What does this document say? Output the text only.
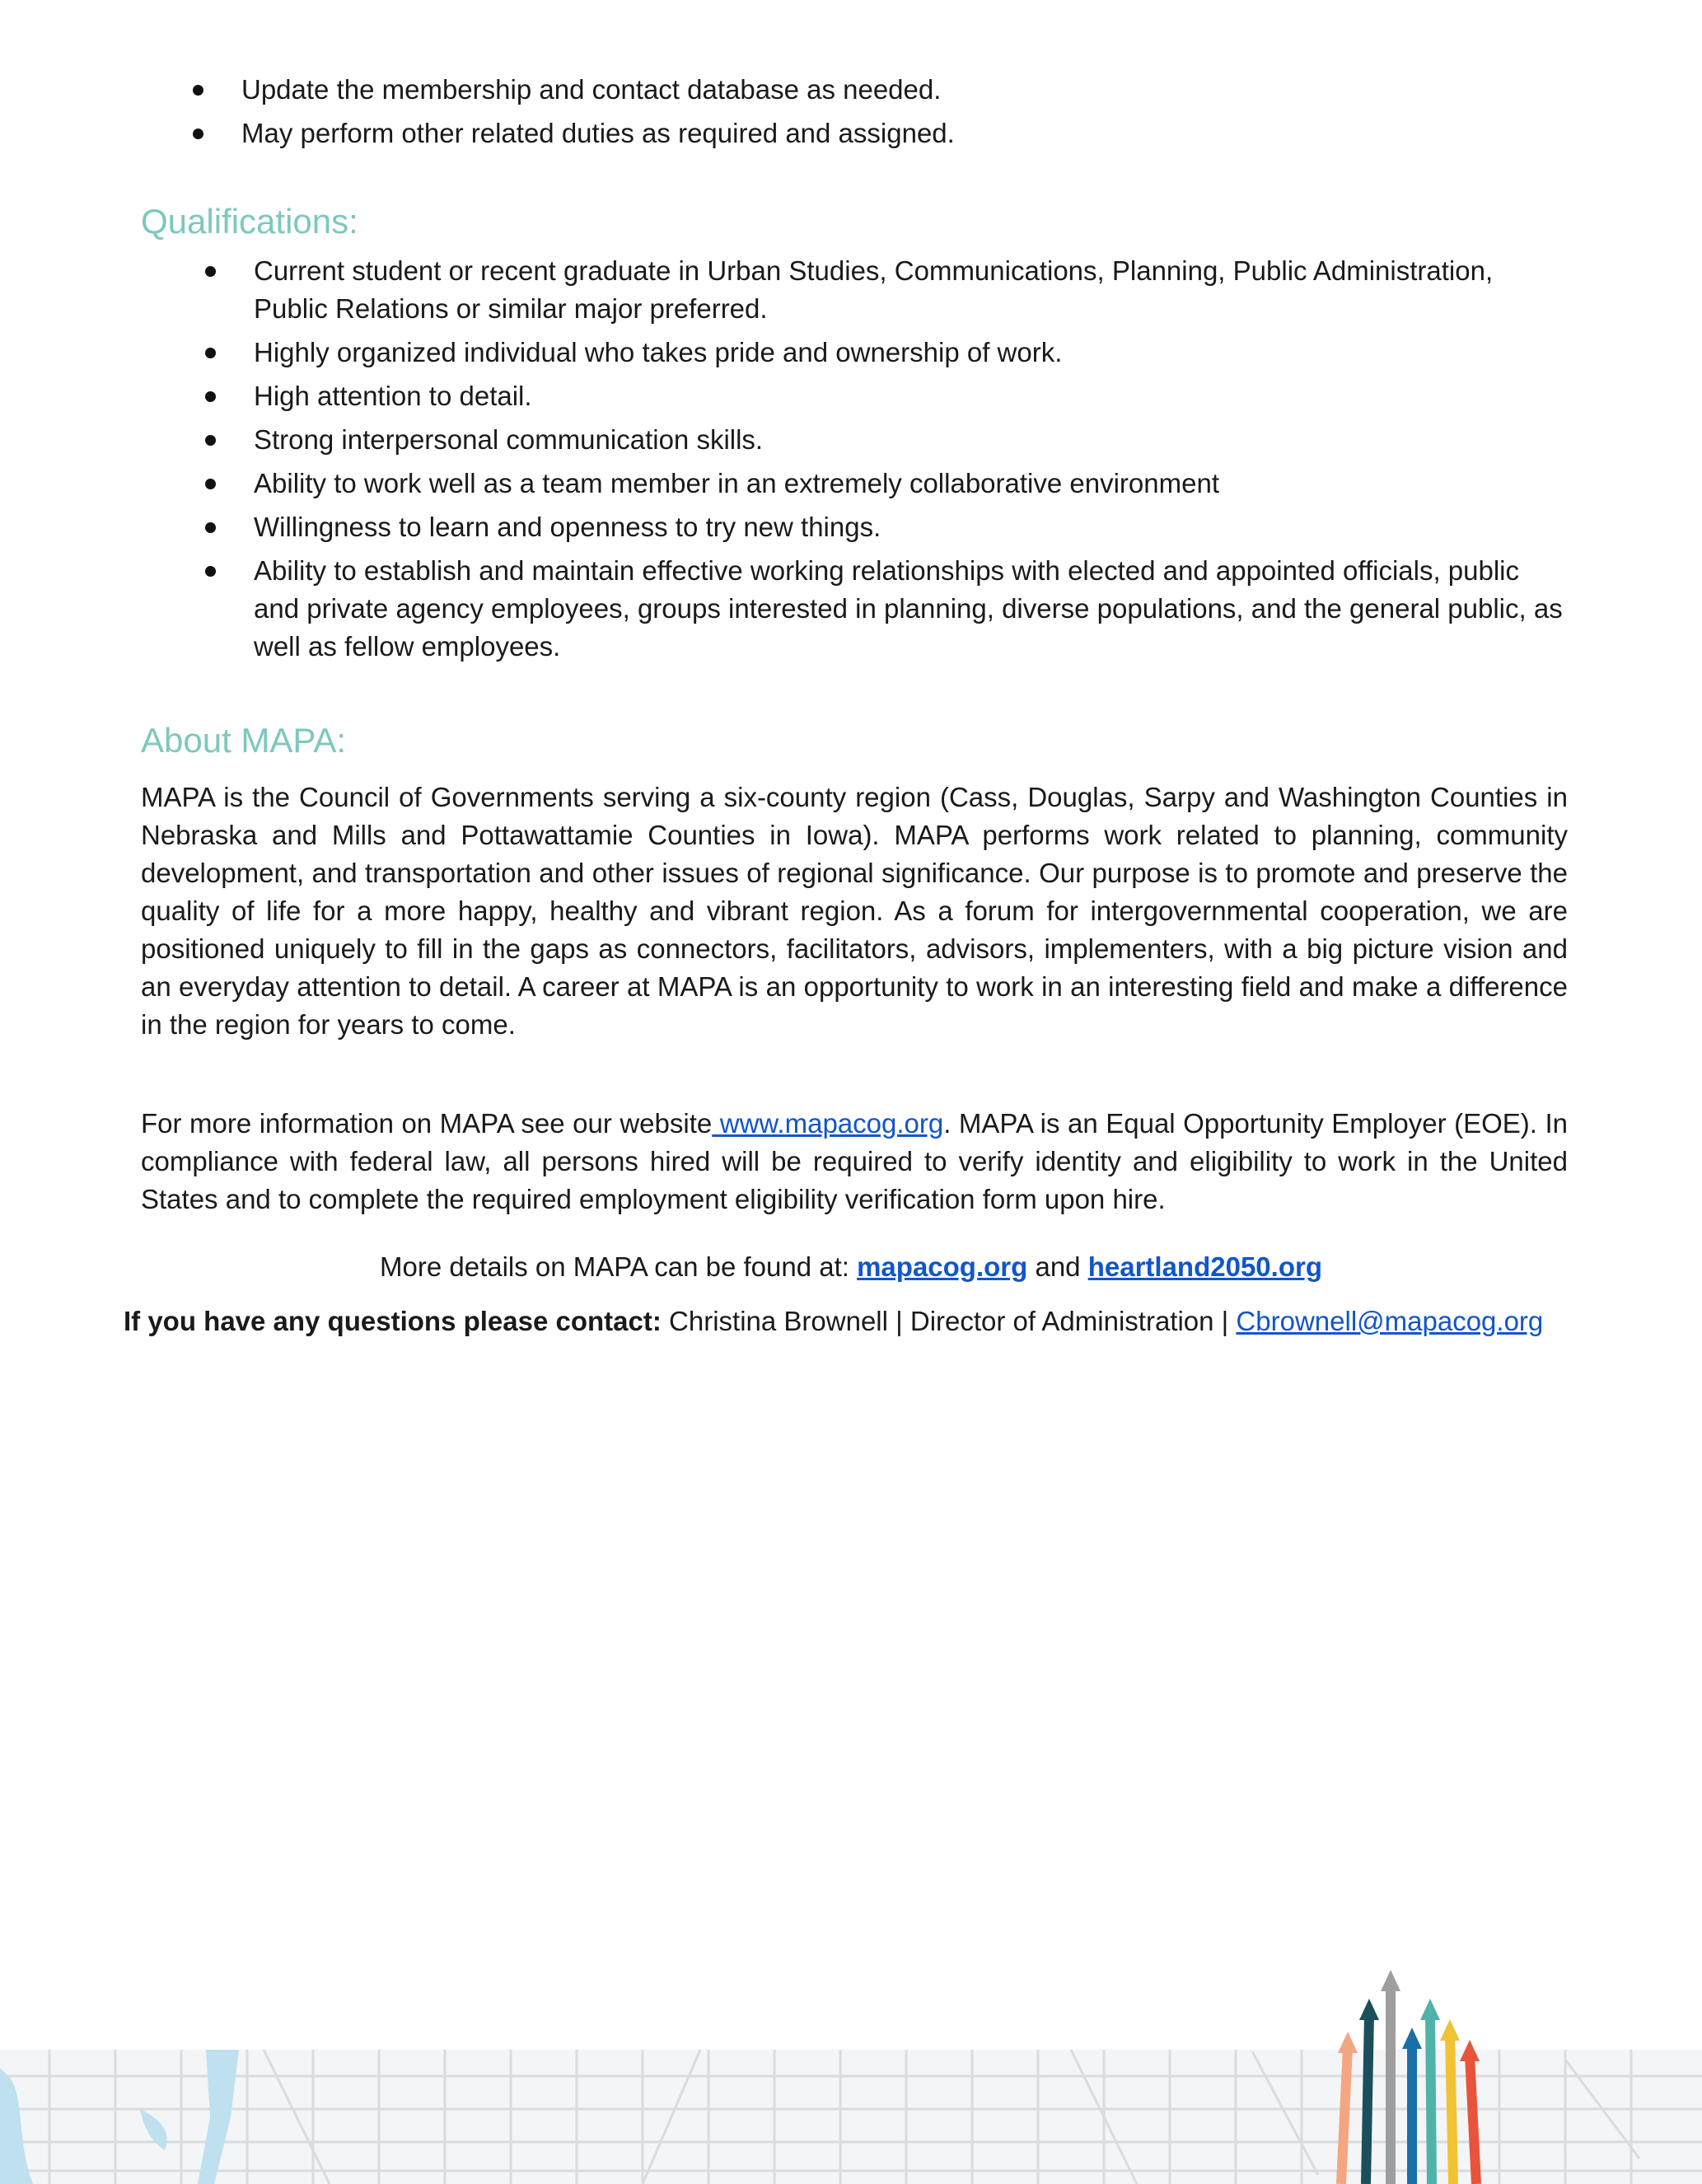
Update the membership and contact database as needed.
May perform other related duties as required and assigned.
Qualifications:
Current student or recent graduate in Urban Studies, Communications, Planning, Public Administration, Public Relations or similar major preferred.
Highly organized individual who takes pride and ownership of work.
High attention to detail.
Strong interpersonal communication skills.
Ability to work well as a team member in an extremely collaborative environment
Willingness to learn and openness to try new things.
Ability to establish and maintain effective working relationships with elected and appointed officials, public and private agency employees, groups interested in planning, diverse populations, and the general public, as well as fellow employees.
About MAPA:

MAPA is the Council of Governments serving a six-county region (Cass, Douglas, Sarpy and Washington Counties in Nebraska and Mills and Pottawattamie Counties in Iowa). MAPA performs work related to planning, community development, and transportation and other issues of regional significance. Our purpose is to promote and preserve the quality of life for a more happy, healthy and vibrant region. As a forum for intergovernmental cooperation, we are positioned uniquely to fill in the gaps as connectors, facilitators, advisors, implementers, with a big picture vision and an everyday attention to detail. A career at MAPA is an opportunity to work in an interesting field and make a difference in the region for years to come.

For more information on MAPA see our website www.mapacog.org. MAPA is an Equal Opportunity Employer (EOE). In compliance with federal law, all persons hired will be required to verify identity and eligibility to work in the United States and to complete the required employment eligibility verification form upon hire.

More details on MAPA can be found at: mapacog.org and heartland2050.org
If you have any questions please contact: Christina Brownell | Director of Administration | Cbrownell@mapacog.org
